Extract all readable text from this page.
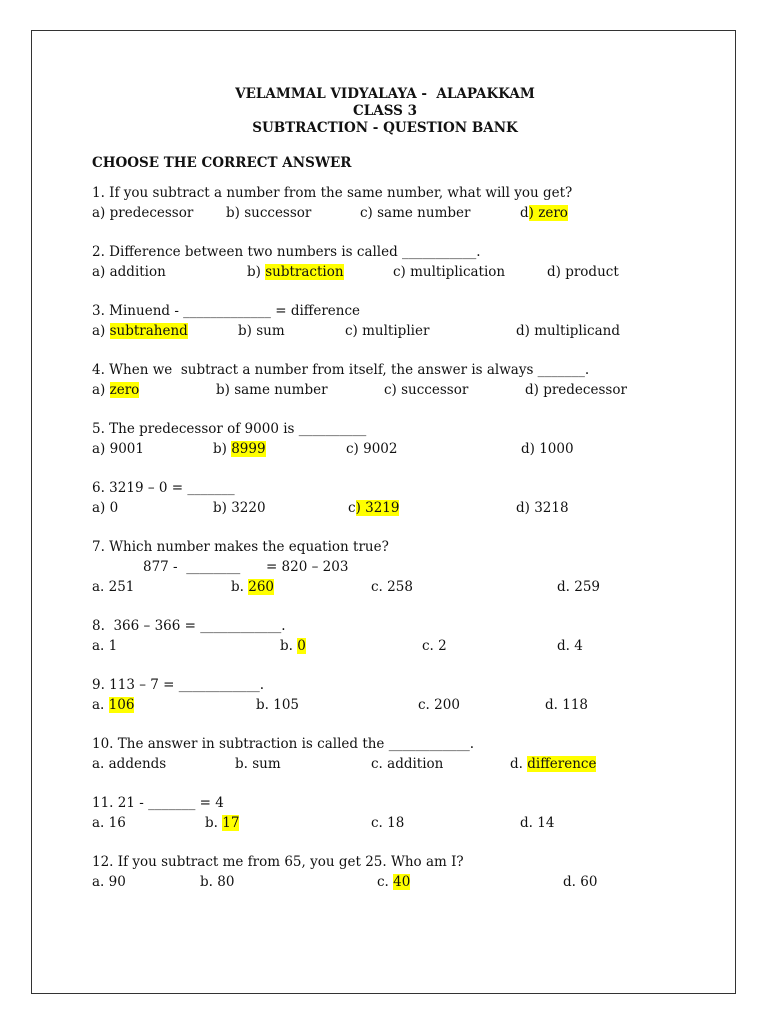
VELAMMAL VIDYALAYA -  ALAPAKKAM
CLASS 3
SUBTRACTION - QUESTION BANK
CHOOSE THE CORRECT ANSWER
1. If you subtract a number from the same number, what will you get?
a) predecessor b) successor	c) same number	d) zero
2. Difference between two numbers is called ___________.
a) addition	b) subtraction	c) multiplication	d) product
3. Minuend - _____________ = difference
a) subtrahend	b) sum	c) multiplier	d) multiplicand
4. When we  subtract a number from itself, the answer is always _______.
a) zero	b) same number	c) successor	d) predecessor
5. The predecessor of 9000 is __________
a) 9001	b) 8999	c) 9002	d) 1000
6. 3219 – 0 = _______
a) 0	b) 3220	c) 3219	d) 3218
7. Which number makes the equation true?
877 -  ________      = 820 – 203
a. 251	b. 260	c. 258	d. 259
8.  366 – 366 = ____________.
a. 1	b. 0	c. 2	d. 4
9. 113 – 7 = ____________.
a. 106	b. 105	c. 200	d. 118
10. The answer in subtraction is called the ____________.
a. addends	b. sum	c. addition	d. difference
11. 21 - _______ = 4
a. 16	b. 17	c. 18	d. 14
12. If you subtract me from 65, you get 25. Who am I?
a. 90	b. 80	c. 40	d. 60
